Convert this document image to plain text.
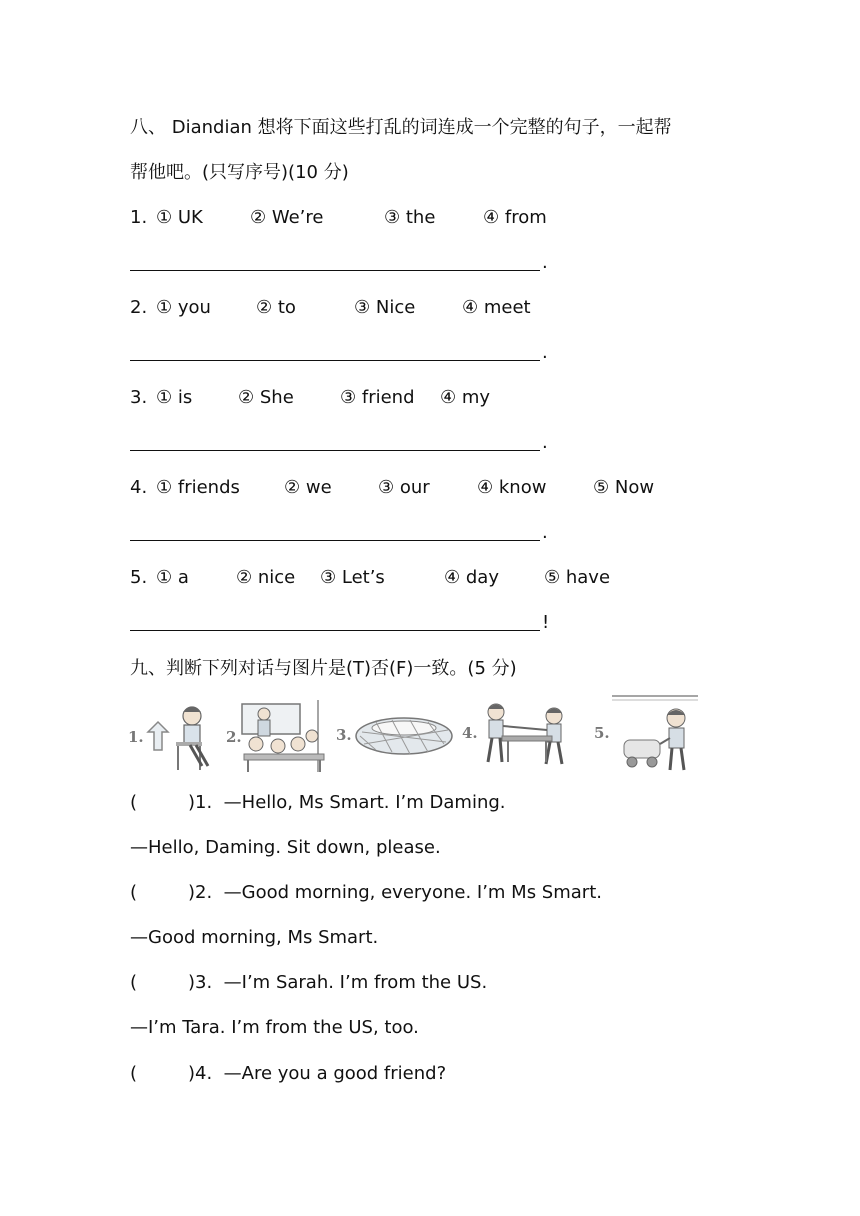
八、 Diandian 想将下面这些打乱的词连成一个完整的句子，一起帮
帮他吧。(只写序号)(10 分)
1. ① UK	② We’re	③ the	④ from
.
2. ① you	② to	③ Nice	④ meet
.
3. ① is	② She	③ friend ④ my
.
4. ① friends ② we	③ our	④ know	⑤ Now
.
5. ① a	② nice ③ Let’s	④ day	⑤ have
!
九、判断下列对话与图片是(T)否(F)一致。(5 分)
1.	2.	3.	4.	5.
(	)1. —Hello, Ms Smart. I’m Daming.
—Hello, Daming. Sit down, please.
(	)2. —Good morning, everyone. I’m Ms Smart.
—Good morning, Ms Smart.
(	)3. —I’m Sarah. I’m from the US.
—I’m Tara. I’m from the US, too.
(	)4. —Are you a good friend?
